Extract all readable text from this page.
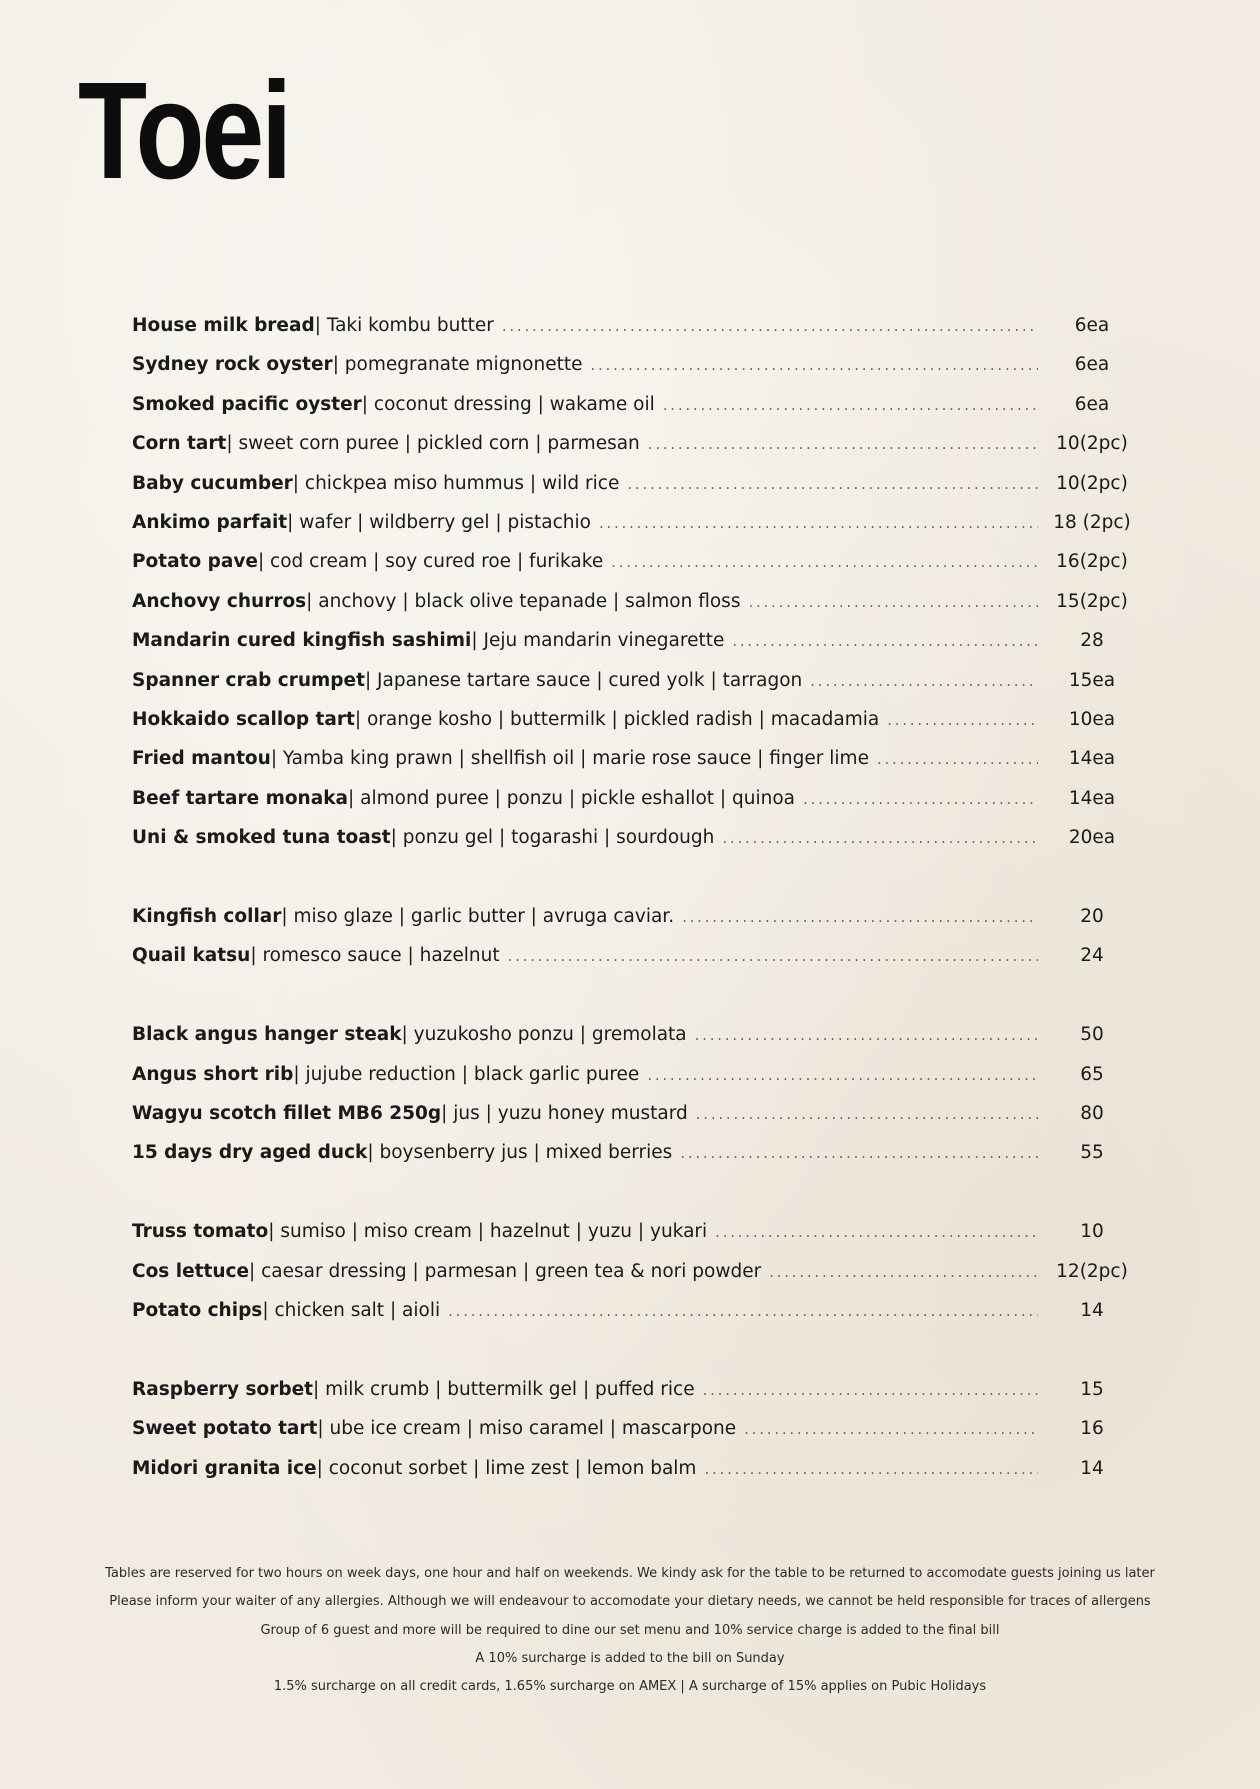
Toei
House milk bread | Taki kombu butter . . .	6ea
Sydney rock oyster | pomegranate mignonette . . .	6ea
Smoked pacific oyster | coconut dressing | wakame oil . . .	6ea
Corn tart | sweet corn puree | pickled corn | parmesan . . .	10(2pc)
Baby cucumber | chickpea miso hummus | wild rice . . .	10(2pc)
Ankimo parfait | wafer | wildberry gel | pistachio . . .	18 (2pc)
Potato pave | cod cream | soy cured roe | furikake . . .	16(2pc)
Anchovy churros | anchovy | black olive tepanade | salmon floss . . .	15(2pc)
Mandarin cured kingfish sashimi | Jeju mandarin vinegarette . . .	28
Spanner crab crumpet | Japanese tartare sauce | cured yolk | tarragon . . .	15ea
Hokkaido scallop tart | orange kosho | buttermilk | pickled radish | macadamia . . .	10ea
Fried mantou | Yamba king prawn | shellfish oil | marie rose sauce | finger lime . . .	14ea
Beef tartare monaka | almond puree | ponzu | pickle eshallot | quinoa . . .	14ea
Uni & smoked tuna toast | ponzu gel | togarashi | sourdough . . .	20ea
Kingfish collar | miso glaze | garlic butter | avruga caviar. . . .	20
Quail katsu | romesco sauce | hazelnut . . .	24
Black angus hanger steak | yuzukosho ponzu | gremolata . . .	50
Angus short rib | jujube reduction | black garlic puree . . .	65
Wagyu scotch fillet MB6 250g | jus | yuzu honey mustard . . .	80
15 days dry aged duck | boysenberry jus | mixed berries . . .	55
Truss tomato | sumiso | miso cream | hazelnut | yuzu | yukari . . .	10
Cos lettuce | caesar dressing | parmesan | green tea & nori powder . . .	12(2pc)
Potato chips | chicken salt | aioli . . .	14
Raspberry sorbet | milk crumb | buttermilk gel | puffed rice . . .	15
Sweet potato tart | ube ice cream | miso caramel | mascarpone . . .	16
Midori granita ice | coconut sorbet | lime zest | lemon balm . . .	14
Tables are reserved for two hours on week days, one hour and half on weekends. We kindy ask for the table to be returned to accomodate guests joining us later
Please inform your waiter of any allergies. Although we will endeavour to accomodate your dietary needs, we cannot be held responsible for traces of allergens
Group of 6 guest and more will be required to dine our set menu and 10% service charge is added to the final bill
A 10% surcharge is added to the bill on Sunday
1.5% surcharge on all credit cards, 1.65% surcharge on AMEX | A surcharge of 15% applies on Pubic Holidays
